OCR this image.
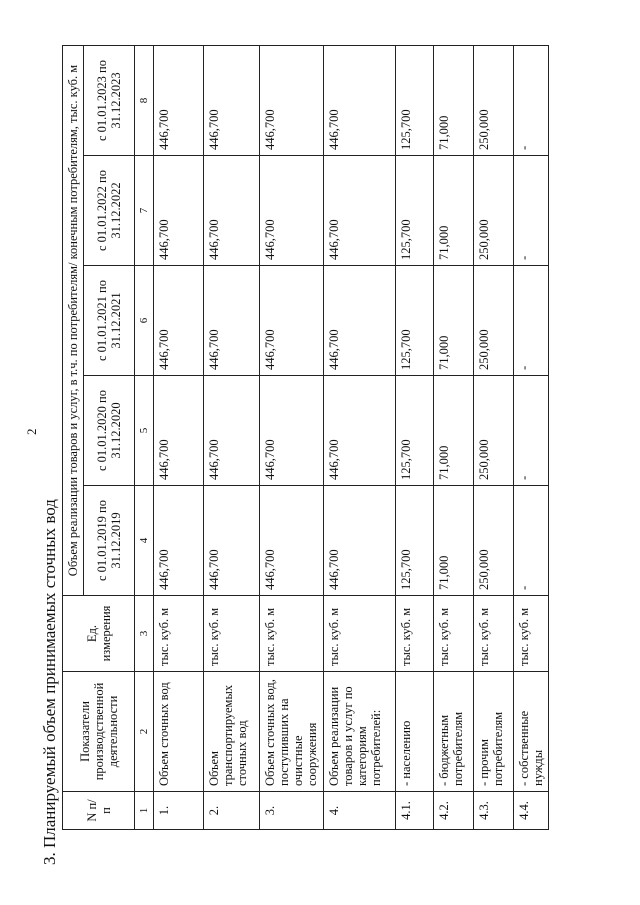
2
3. Планируемый объем принимаемых сточных вод N п/п	Показатели производственной деятельности	Ед. измерения	Объем реализации товаров и услуг, в т.ч. по потребителям/ конечным потребителям, тыс. куб. м				
			с 01.01.2019 по 31.12.2019	с 01.01.2020 по 31.12.2020	с 01.01.2021 по 31.12.2021	с 01.01.2022 по 31.12.2022	с 01.01.2023 по 31.12.2023
1	2	3	4	5	6	7	8
1.	Объем сточных вод	тыс. куб. м	446,700	446,700	446,700	446,700	446,700
2.	Объем транспортируемых сточных вод	тыс. куб. м	446,700	446,700	446,700	446,700	446,700
3.	Объем сточных вод, поступивших на очистные сооружения	тыс. куб. м	446,700	446,700	446,700	446,700	446,700
4.	Объем реализации товаров и услуг по категориям потребителей:	тыс. куб. м	446,700	446,700	446,700	446,700	446,700
4.1.	- населению	тыс. куб. м	125,700	125,700	125,700	125,700	125,700
4.2.	- бюджетным потребителям	тыс. куб. м	71,000	71,000	71,000	71,000	71,000
4.3.	- прочим потребителям	тыс. куб. м	250,000	250,000	250,000	250,000	250,000
4.4.	- собственные нужды	тыс. куб. м	-	-	-	-	-
